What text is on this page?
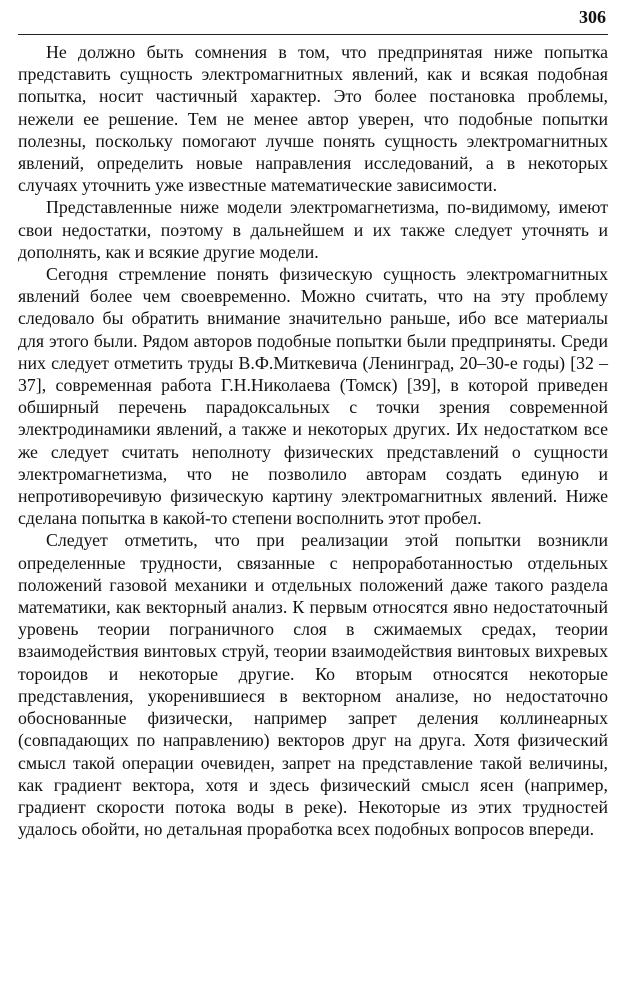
306

Не должно быть сомнения в том, что предпринятая ниже попытка представить сущность электромагнитных явлений, как и всякая подобная попытка, носит частичный характер. Это более постановка проблемы, нежели ее решение. Тем не менее автор уверен, что подобные попытки полезны, поскольку помогают лучше понять сущность электромагнитных явлений, определить новые направления исследований, а в некоторых случаях уточнить уже известные математические зависимости.

Представленные ниже модели электромагнетизма, по-видимому, имеют свои недостатки, поэтому в дальнейшем и их также следует уточнять и дополнять, как и всякие другие модели.

Сегодня стремление понять физическую сущность электромагнитных явлений более чем своевременно. Можно считать, что на эту проблему следовало бы обратить внимание значительно раньше, ибо все материалы для этого были. Рядом авторов подобные попытки были предприняты. Среди них следует отметить труды В.Ф.Миткевича (Ленинград, 20–30-е годы) [32 – 37], современная работа Г.Н.Николаева (Томск) [39], в которой приведен обширный перечень парадоксальных с точки зрения современной электродинамики явлений, а также и некоторых других. Их недостатком все же следует считать неполноту физических представлений о сущности электромагнетизма, что не позволило авторам создать единую и непротиворечивую физическую картину электромагнитных явлений. Ниже сделана попытка в какой-то степени восполнить этот пробел.

Следует отметить, что при реализации этой попытки возникли определенные трудности, связанные с непроработанностью отдельных положений газовой механики и отдельных положений даже такого раздела математики, как векторный анализ. К первым относятся явно недостаточный уровень теории пограничного слоя в сжимаемых средах, теории взаимодействия винтовых струй, теории взаимодействия винтовых вихревых тороидов и некоторые другие. Ко вторым относятся некоторые представления, укоренившиеся в векторном анализе, но недостаточно обоснованные физически, например запрет деления коллинеарных (совпадающих по направлению) векторов друг на друга. Хотя физический смысл такой операции очевиден, запрет на представление такой величины, как градиент вектора, хотя и здесь физический смысл ясен (например, градиент скорости потока воды в реке). Некоторые из этих трудностей удалось обойти, но детальная проработка всех подобных вопросов впереди.
